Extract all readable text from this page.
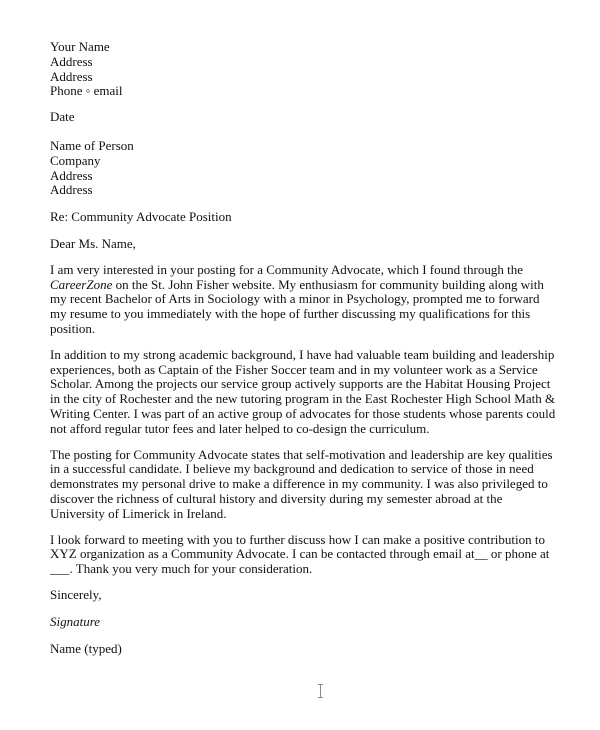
Your Name
Address
Address
Phone ◦ email
Date
Name of Person
Company
Address
Address
Re: Community Advocate Position
Dear Ms. Name,
I am very interested in your posting for a Community Advocate, which I found through the
CareerZone on the St. John Fisher website. My enthusiasm for community building along with
my recent Bachelor of Arts in Sociology with a minor in Psychology, prompted me to forward
my resume to you immediately with the hope of further discussing my qualifications for this
position.
In addition to my strong academic background, I have had valuable team building and leadership
experiences, both as Captain of the Fisher Soccer team and in my volunteer work as a Service
Scholar. Among the projects our service group actively supports are the Habitat Housing Project
in the city of Rochester and the new tutoring program in the East Rochester High School Math &
Writing Center. I was part of an active group of advocates for those students whose parents could
not afford regular tutor fees and later helped to co-design the curriculum.
The posting for Community Advocate states that self-motivation and leadership are key qualities
in a successful candidate. I believe my background and dedication to service of those in need
demonstrates my personal drive to make a difference in my community. I was also privileged to
discover the richness of cultural history and diversity during my semester abroad at the
University of Limerick in Ireland.
I look forward to meeting with you to further discuss how I can make a positive contribution to
XYZ organization as a Community Advocate. I can be contacted through email at__ or phone at
___. Thank you very much for your consideration.
Sincerely,
Signature
Name (typed)
